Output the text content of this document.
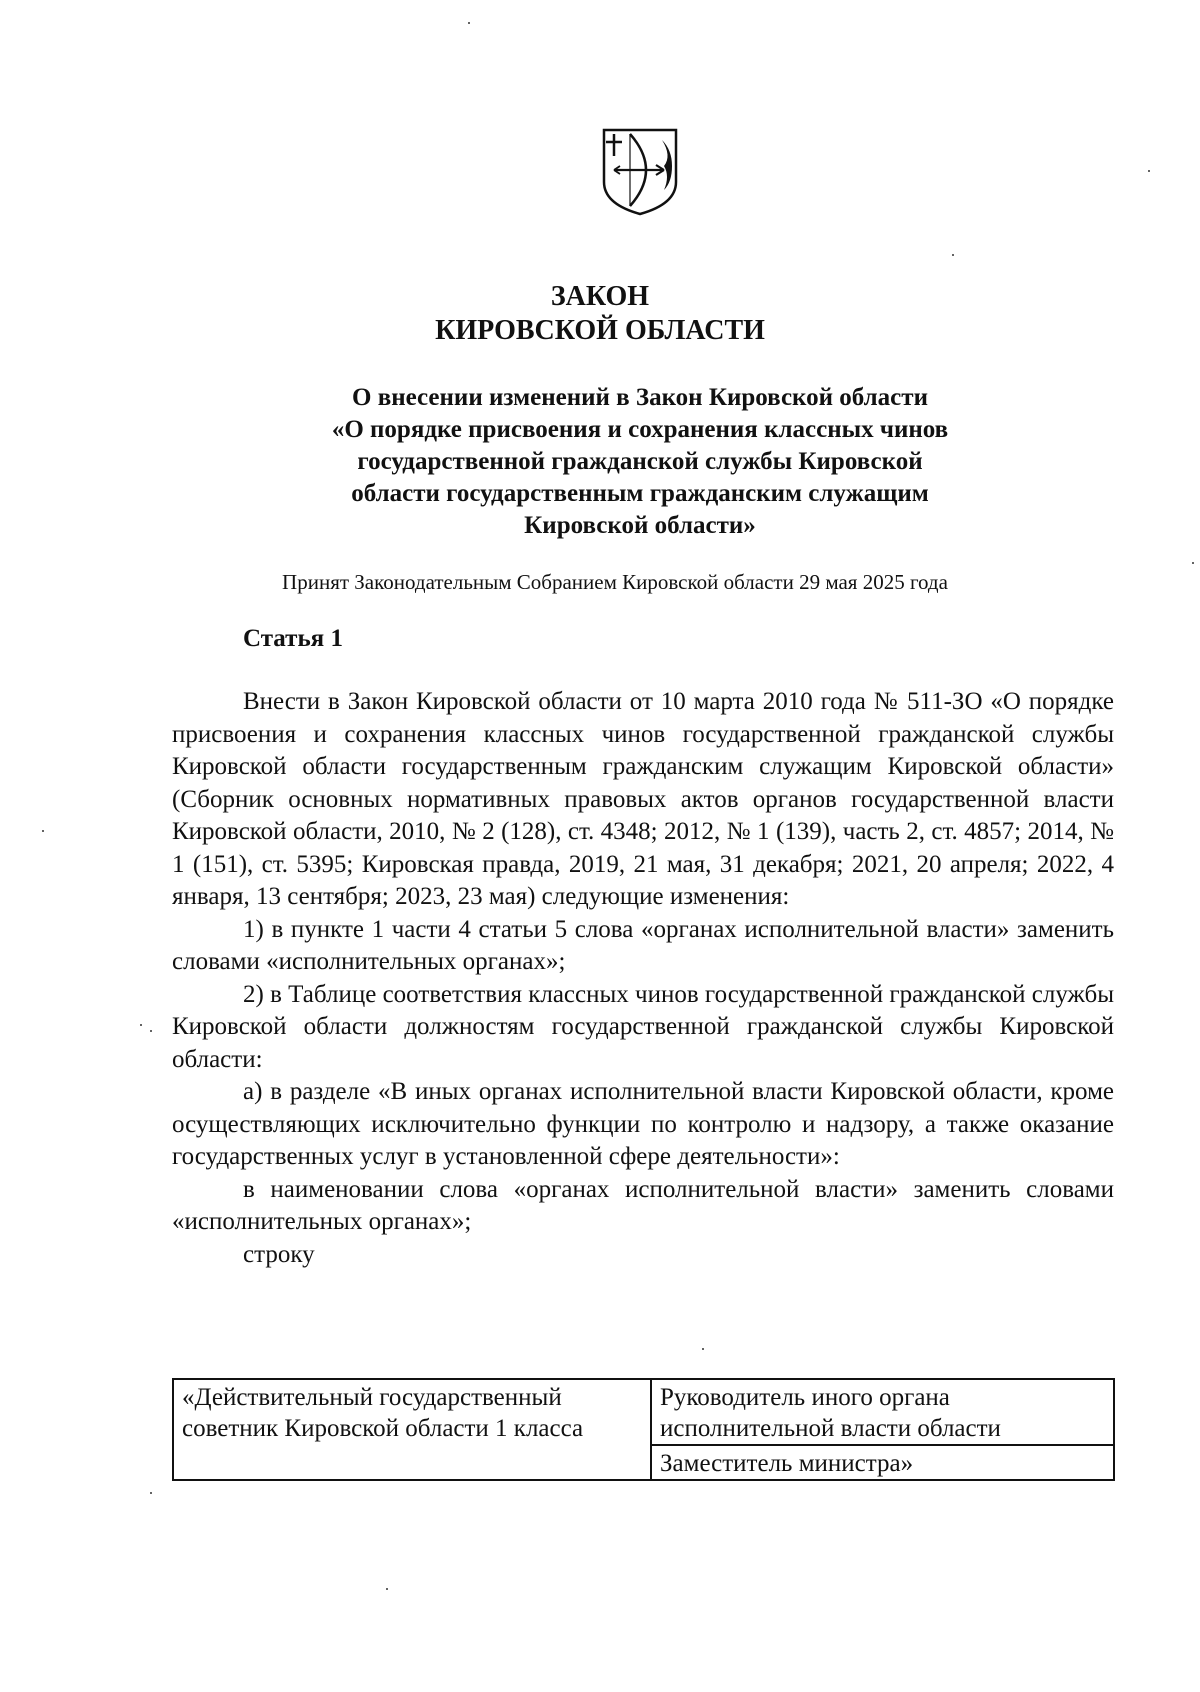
ЗАКОН
КИРОВСКОЙ ОБЛАСТИ
О внесении изменений в Закон Кировской области
«О порядке присвоения и сохранения классных чинов
государственной гражданской службы Кировской
области государственным гражданским служащим
Кировской области»
Принят Законодательным Собранием Кировской области 29 мая 2025 года
Статья 1

Внести в Закон Кировской области от 10 марта 2010 года № 511-ЗО «О порядке присвоения и сохранения классных чинов государственной гражданской службы Кировской области государственным гражданским служащим Кировской области» (Сборник основных нормативных правовых актов органов государственной власти Кировской области, 2010, № 2 (128), ст. 4348; 2012, № 1 (139), часть 2, ст. 4857; 2014, № 1 (151), ст. 5395; Кировская правда, 2019, 21 мая, 31 декабря; 2021, 20 апреля; 2022, 4 января, 13 сентября; 2023, 23 мая) следующие изменения:

1) в пункте 1 части 4 статьи 5 слова «органах исполнительной власти» заменить словами «исполнительных органах»;

2) в Таблице соответствия классных чинов государственной гражданской службы Кировской области должностям государственной гражданской службы Кировской области:

а) в разделе «В иных органах исполнительной власти Кировской области, кроме осуществляющих исключительно функции по контролю и надзору, а также оказание государственных услуг в установленной сфере деятельности»:

в наименовании слова «органах исполнительной власти» заменить словами «исполнительных органах»;

строку

«Действительный государственный советник Кировской области 1 класса	Руководитель иного органа исполнительной власти области
Заместитель министра»
